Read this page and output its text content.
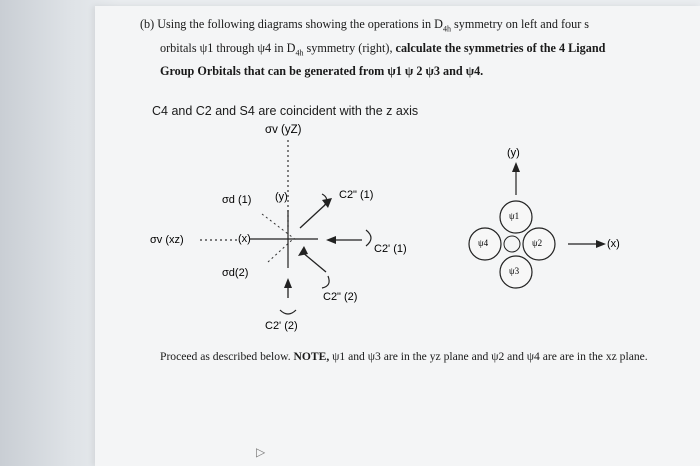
(b) Using the following diagrams showing the operations in $D_{4h}$ symmetry on left and four s
orbitals ψ1 through ψ4 in $D_{4h}$ symmetry (right), calculate the symmetries of the 4 Ligand
Group Orbitals that can be generated from ψ1 ψ 2 ψ3 and ψ4.
C4 and C2 and S4 are coincident with the z axis
σv (yZ)
σd (1) (y)	C2" (1)
σv (xz)	(x)
C2' (1)
σd(2)
C2" (2)
C2' (2)
(y)
(x)
ψ1
ψ2
ψ3
ψ4
Proceed as described below. NOTE, ψ1 and ψ3 are in the yz plane and ψ2 and ψ4 are are in the xz plane.
▷
